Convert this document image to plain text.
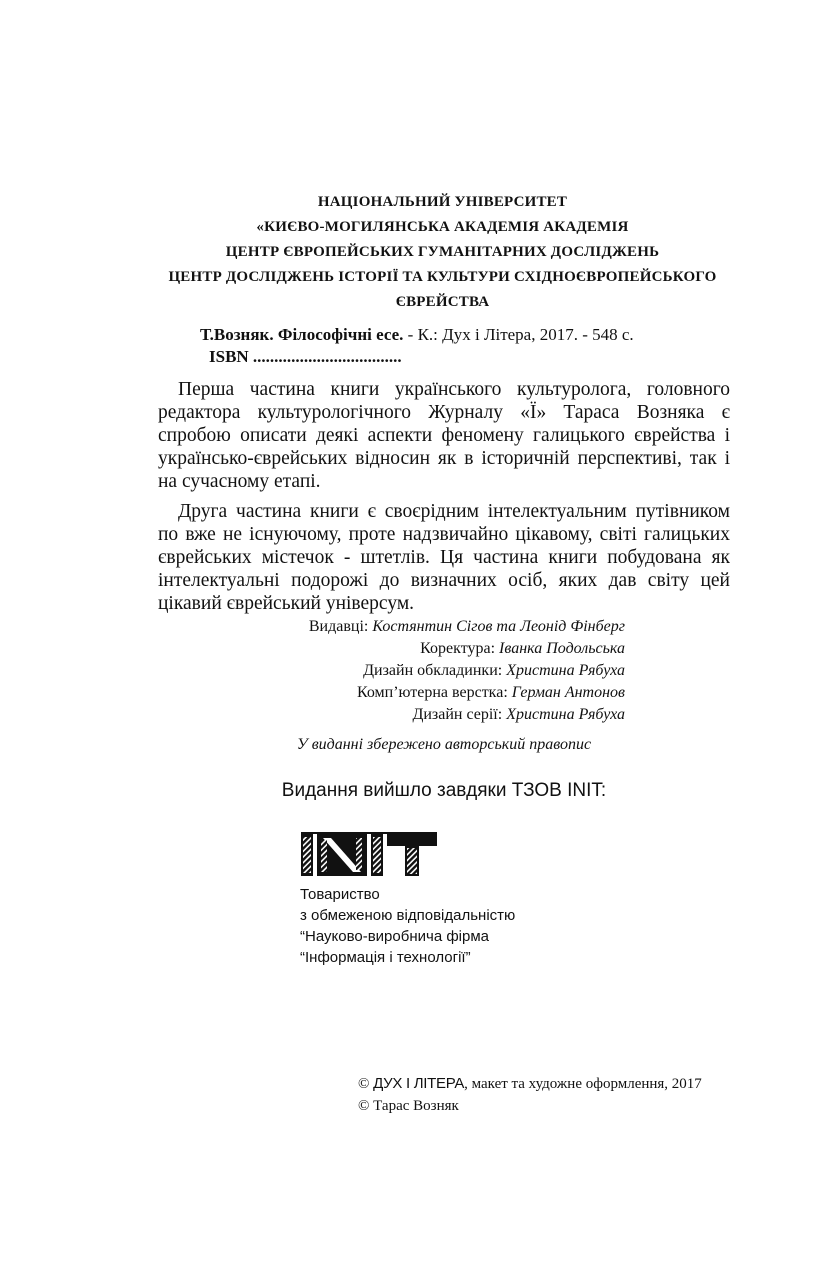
НАЦІОНАЛЬНИЙ УНІВЕРСИТЕТ
«КИЄВО-МОГИЛЯНСЬКА АКАДЕМІЯ АКАДЕМІЯ
ЦЕНТР ЄВРОПЕЙСЬКИХ ГУМАНІТАРНИХ ДОСЛІДЖЕНЬ
ЦЕНТР ДОСЛІДЖЕНЬ ІСТОРІЇ ТА КУЛЬТУРИ СХІДНОЄВРОПЕЙСЬКОГО
ЄВРЕЙСТВА
Т.Возняк. Філософічні есе. - К.: Дух і Літера, 2017. - 548 с.
ISBN ...................................

Перша частина книги українського культуролога, головного редактора культурологічного Журналу «Ї» Тараса Возняка є спробою описати деякі аспекти феномену галицького єврейства і українсько-єврейських відносин як в історичній перспективі, так і на сучасному етапі.

Друга частина книги є своєрідним інтелектуальним путівником по вже не існуючому, проте надзвичайно цікавому, світі галицьких єврейських містечок - штетлів. Ця частина книги побудована як інтелектуальні подорожі до визначних осіб, яких дав світу цей цікавий єврейський універсум.

Видавці: Костянтин Сігов та Леонід Фінберг
Коректура: Іванка Подольська
Дизайн обкладинки: Христина Рябуха
Комп’ютерна верстка: Герман Антонов
Дизайн серії: Христина Рябуха
У виданні збережено авторський правопис
Видання вийшло завдяки ТЗОВ INIT:
Товариство
з обмеженою відповідальністю
“Науково-виробнича фірма
“Інформація і технології”
© ДУХ І ЛІТЕРА, макет та художне оформлення, 2017
© Тарас Возняк
